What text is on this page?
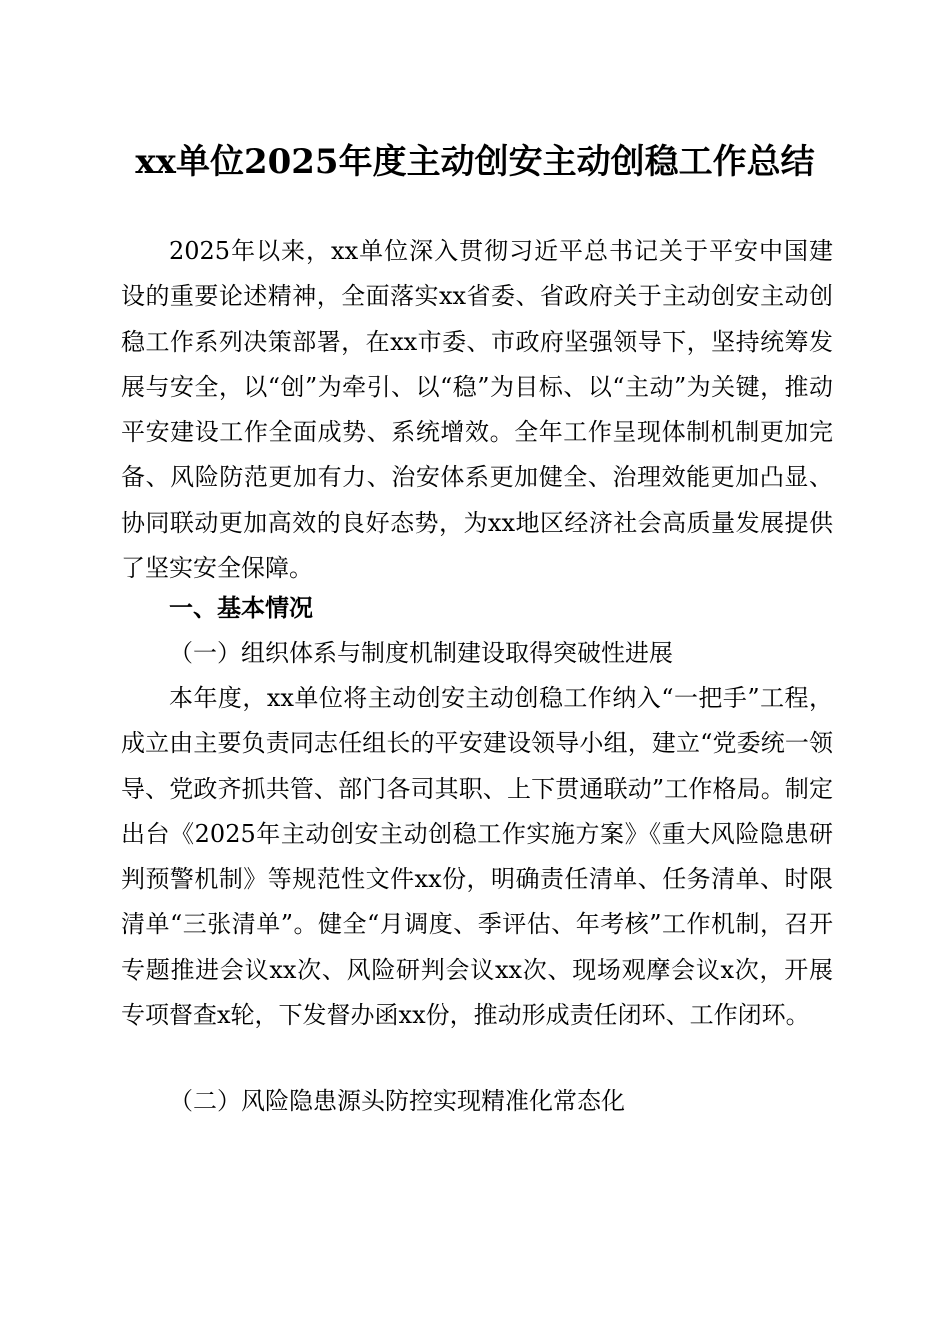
xx单位2025年度主动创安主动创稳工作总结

2025年以来，xx单位深入贯彻习近平总书记关于平安中国建设的重要论述精神，全面落实xx省委、省政府关于主动创安主动创稳工作系列决策部署，在xx市委、市政府坚强领导下，坚持统筹发展与安全，以“创”为牵引、以“稳”为目标、以“主动”为关键，推动平安建设工作全面成势、系统增效。全年工作呈现体制机制更加完备、风险防范更加有力、治安体系更加健全、治理效能更加凸显、协同联动更加高效的良好态势，为xx地区经济社会高质量发展提供了坚实安全保障。

一、基本情况
（一）组织体系与制度机制建设取得突破性进展

本年度，xx单位将主动创安主动创稳工作纳入“一把手”工程，成立由主要负责同志任组长的平安建设领导小组，建立“党委统一领导、党政齐抓共管、部门各司其职、上下贯通联动”工作格局。制定出台《2025年主动创安主动创稳工作实施方案》《重大风险隐患研判预警机制》等规范性文件xx份，明确责任清单、任务清单、时限清单“三张清单”。健全“月调度、季评估、年考核”工作机制，召开专题推进会议xx次、风险研判会议xx次、现场观摩会议x次，开展专项督查x轮，下发督办函xx份，推动形成责任闭环、工作闭环。

（二）风险隐患源头防控实现精准化常态化
